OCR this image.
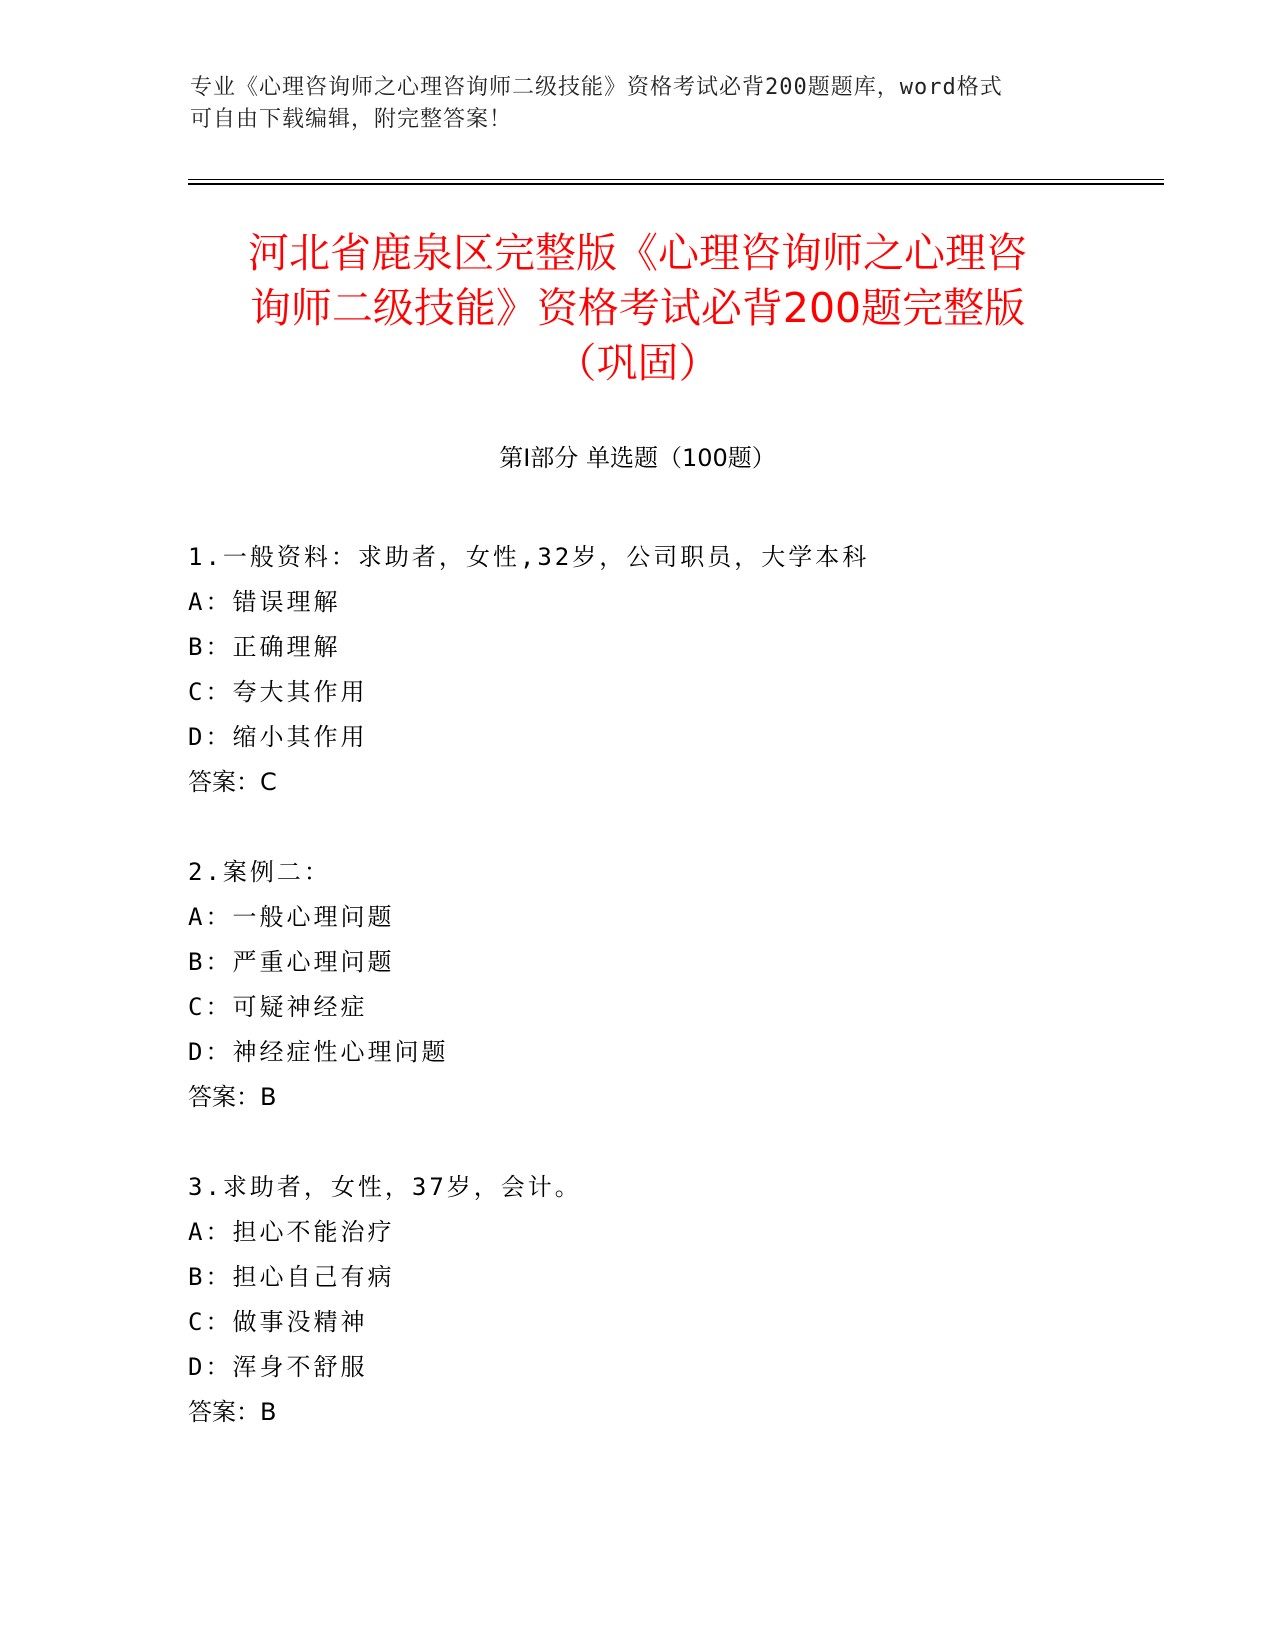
专业《心理咨询师之心理咨询师二级技能》资格考试必背200题题库，word格式
可自由下载编辑，附完整答案！
河北省鹿泉区完整版《心理咨询师之心理咨
询师二级技能》资格考试必背200题完整版
（巩固）
第Ⅰ部分 单选题（100题）
1.一般资料：求助者，女性,32岁，公司职员，大学本科
A：错误理解
B：正确理解
C：夸大其作用
D：缩小其作用
答案：C
2.案例二：
A：一般心理问题
B：严重心理问题
C：可疑神经症
D：神经症性心理问题
答案：B
3.求助者，女性，37岁，会计。
A：担心不能治疗
B：担心自己有病
C：做事没精神
D：浑身不舒服
答案：B
